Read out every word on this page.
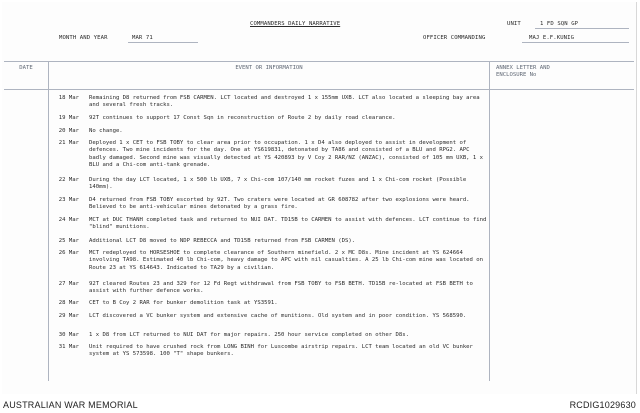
COMMANDERS DAILY NARRATIVE	UNIT	1 FD SQN GP
MONTH AND YEAR	MAR 71	OFFICER COMMANDING	MAJ E.F.KUNIG
DATE	EVENT OR INFORMATION	ANNEX LETTER AND ENCLOSURE No
18 Mar Remaining D8 returned from FSB CARMEN. LCT located and destroyed 1 x 155mm UXB. LCT also located a sleeping bay area and several fresh tracks.
19 Mar 92T continues to support 17 Const Sqn in reconstruction of Route 2 by daily road clearance.
20 Mar No change.
21 Mar Deployed 1 x CET to FSB TOBY to clear area prior to occupation. 1 x D4 also deployed to assist in development of defences. Two mine incidents for the day. One at YS619831, detonated by TA86 and consisted of a BLU and RPG2. APC badly damaged. Second mine was visually detected at YS 420893 by V Coy 2 RAR/NZ (ANZAC), consisted of 105 mm UXB, 1 x BLU and a Chi-com anti-tank grenade.
22 Mar During the day LCT located, 1 x 500 lb UXB, 7 x Chi-com 107/140 mm rocket fuzes and 1 x Chi-com rocket (Possible 140mm).
23 Mar D4 returned from FSB TOBY escorted by 92T. Two craters were located at GR 608782 after two explosions were heard. Believed to be anti-vehicular mines detonated by a grass fire.
24 Mar MCT at DUC THANH completed task and returned to NUI DAT. TD15B to CARMEN to assist with defences. LCT continue to find "blind" munitions.
25 Mar Additional LCT D8 moved to NDP REBECCA and TD15B returned from FSB CARMEN (DS).
26 Mar MCT redeployed to HORSESHOE to complete clearance of Southern minefield. 2 x MC D8s. Mine incident at YS 624664 involving TA98. Estimated 40 lb Chi-com, heavy damage to APC with nil casualties. A 25 lb Chi-com mine was located on Route 23 at YS 614643. Indicated to TA29 by a civilian.
27 Mar 92T cleared Routes 23 and 329 for 12 Fd Regt withdrawal from FSB TOBY to FSB BETH. TD15B re-located at FSB BETH to assist with further defence works.
28 Mar CET to B Coy 2 RAR for bunker demolition task at YS3591.
29 Mar LCT discovered a VC bunker system and extensive cache of munitions. Old system and in poor condition. YS 568590.
30 Mar 1 x D8 from LCT returned to NUI DAT for major repairs. 250 hour service completed on other D8s.
31 Mar Unit required to have crushed rock from LONG BINH for Luscombe airstrip repairs. LCT team located an old VC bunker system at YS 573598. 100 "T" shape bunkers.
AUSTRALIAN WAR MEMORIAL	RCDIG1029630
